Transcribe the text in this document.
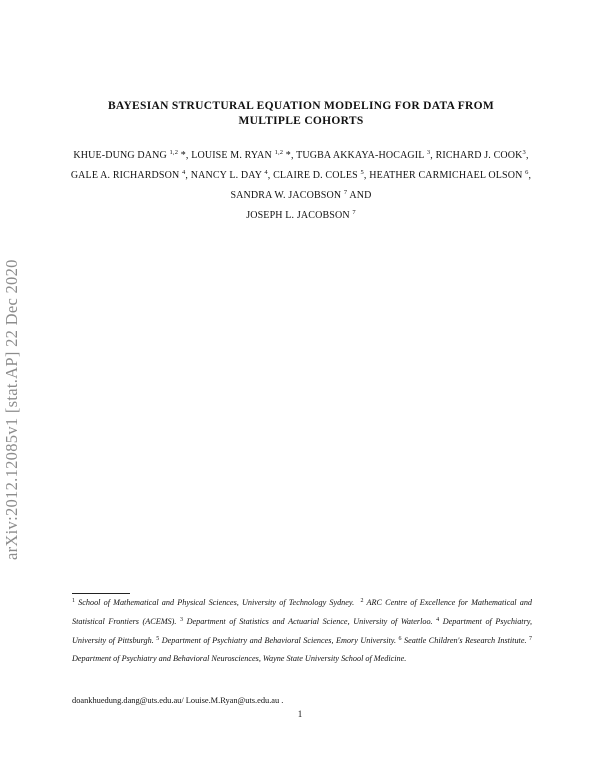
arXiv:2012.12085v1 [stat.AP] 22 Dec 2020
BAYESIAN STRUCTURAL EQUATION MODELING FOR DATA FROM
MULTIPLE COHORTS
KHUE-DUNG DANG $^{1,2}$ *, LOUISE M. RYAN $^{1,2}$ *, TUGBA AKKAYA-HOCAGIL $^3$, RICHARD J. COOK$^3$, GALE A. RICHARDSON $^4$, NANCY L. DAY $^4$, CLAIRE D. COLES $^5$, HEATHER CARMICHAEL OLSON $^6$, SANDRA W. JACOBSON $^7$ AND
JOSEPH L. JACOBSON $^7$
$^1$ School of Mathematical and Physical Sciences, University of Technology Sydney. $^2$ ARC Centre of Excellence for Mathematical and Statistical Frontiers (ACEMS). $^3$ Department of Statistics and Actuarial Science, University of Waterloo. $^4$ Department of Psychiatry, University of Pittsburgh. $^5$ Department of Psychiatry and Behavioral Sciences, Emory University. $^6$ Seattle Children's Research Institute. $^7$ Department of Psychiatry and Behavioral Neurosciences, Wayne State University School of Medicine.
doankhuedung.dang@uts.edu.au/ Louise.M.Ryan@uts.edu.au .
1
